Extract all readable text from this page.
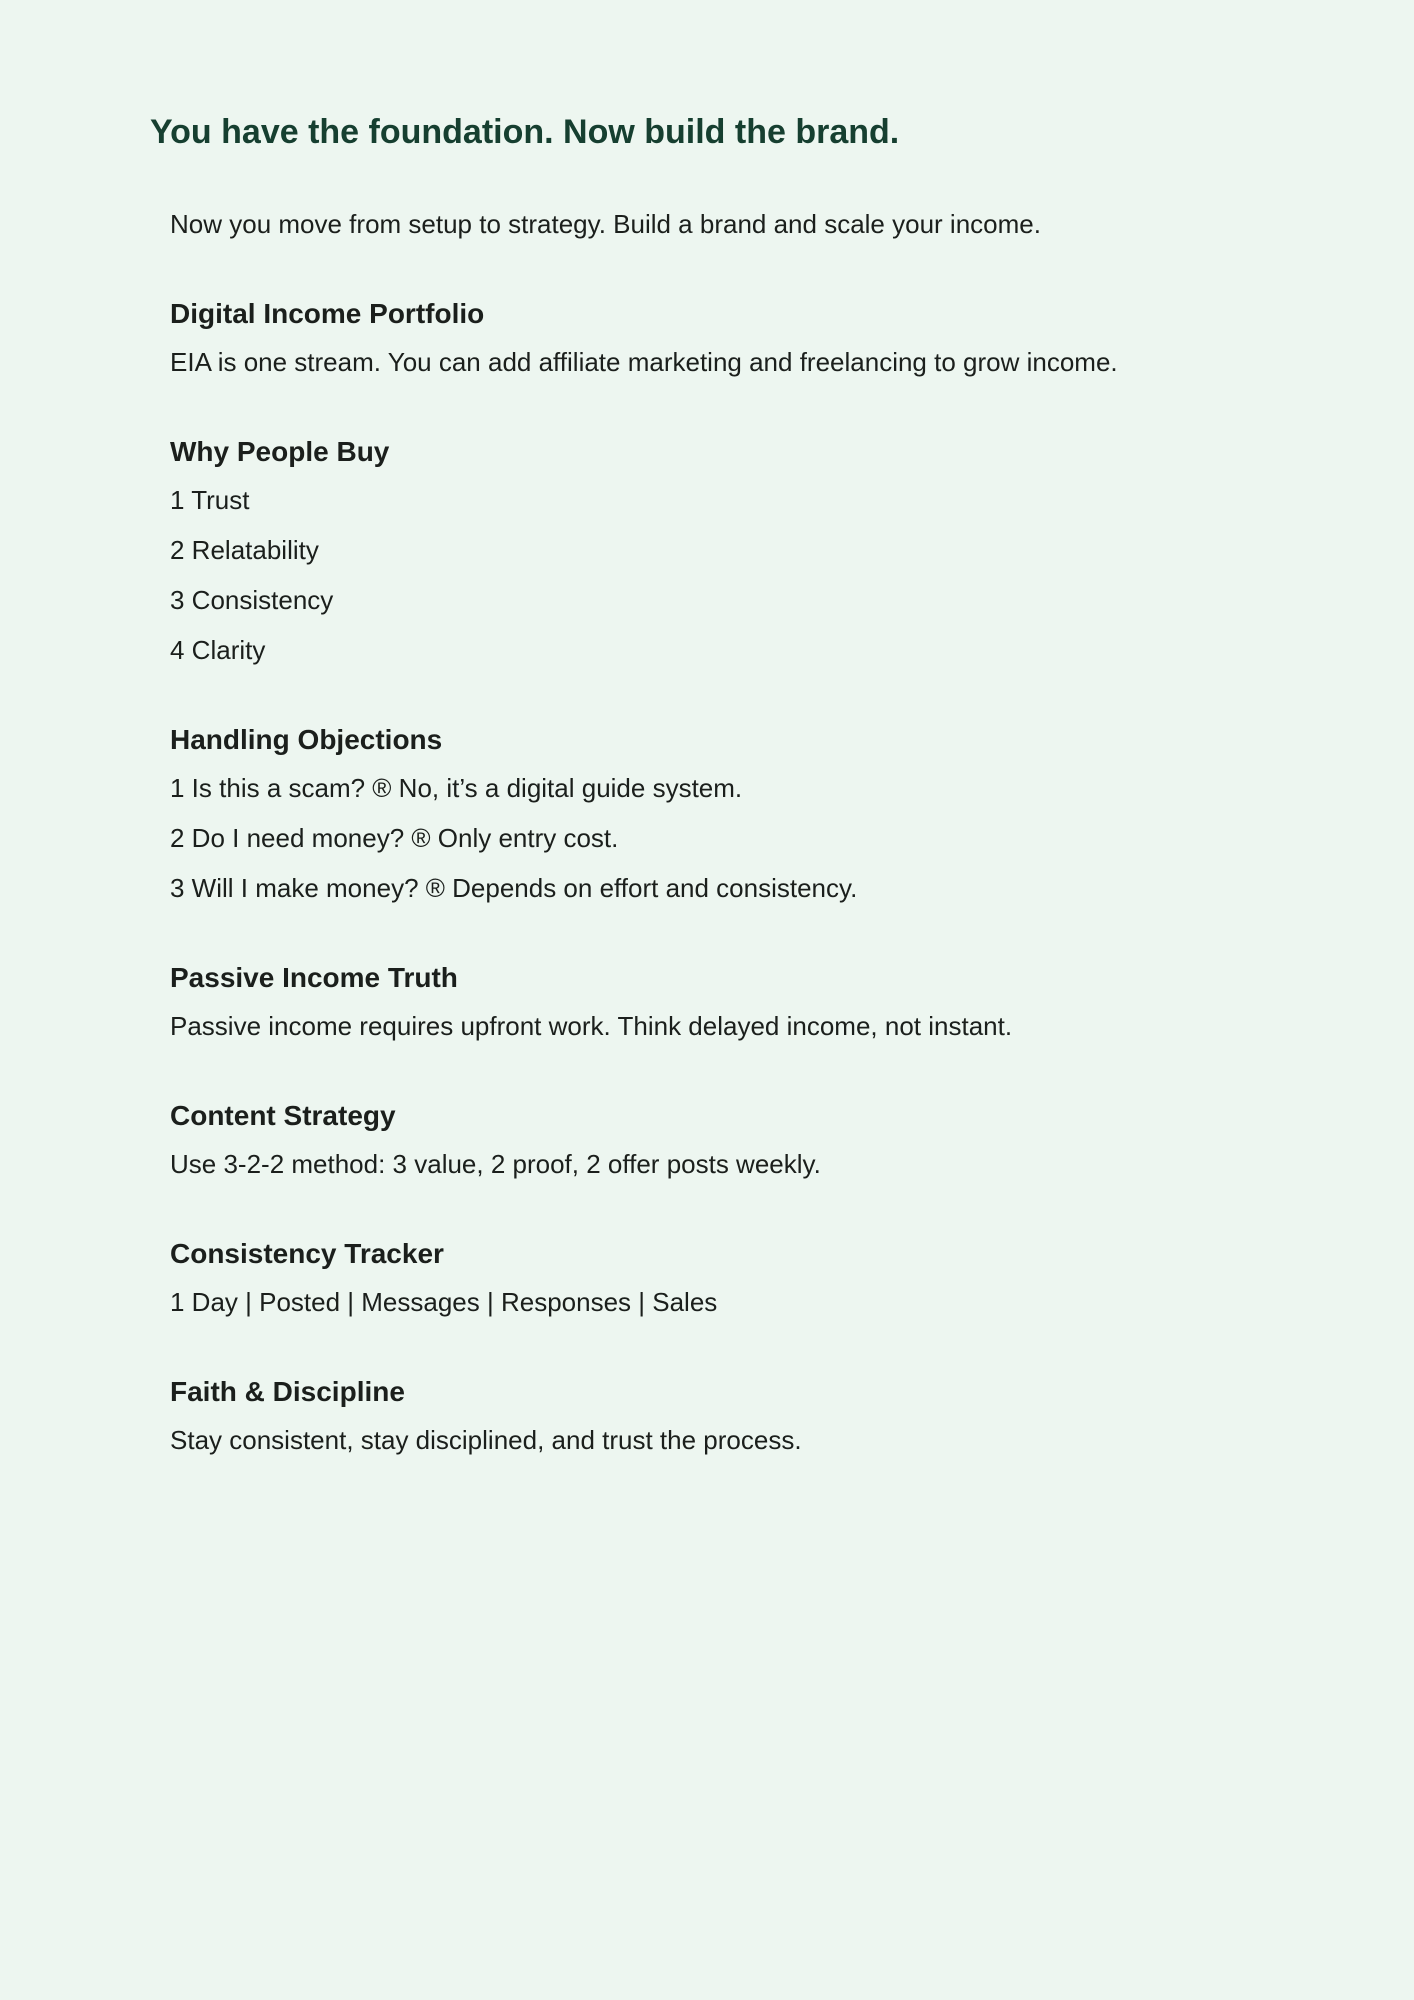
You have the foundation. Now build the brand.

Now you move from setup to strategy. Build a brand and scale your income.

Digital Income Portfolio

EIA is one stream. You can add affiliate marketing and freelancing to grow income.

Why People Buy

1 Trust

2 Relatability

3 Consistency

4 Clarity

Handling Objections

1 Is this a scam? ® No, it’s a digital guide system.

2 Do I need money? ® Only entry cost.

3 Will I make money? ® Depends on effort and consistency.

Passive Income Truth

Passive income requires upfront work. Think delayed income, not instant.

Content Strategy

Use 3-2-2 method: 3 value, 2 proof, 2 offer posts weekly.

Consistency Tracker

1 Day | Posted | Messages | Responses | Sales

Faith & Discipline

Stay consistent, stay disciplined, and trust the process.
